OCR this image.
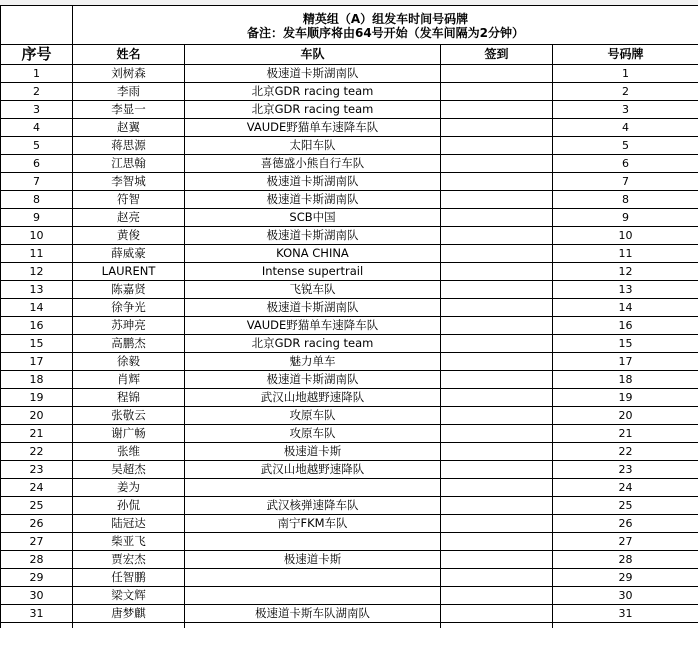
	精英组（A）组发车时间号码牌
备注：发车顺序将由64号开始（发车间隔为2分钟）			

序号	姓名	车队	签到	号码牌
1	刘树森	极速道卡斯湖南队		1
2	李雨	北京GDR racing team		2
3	李显一	北京GDR racing team		3
4	赵翼	VAUDE野猫单车速降车队		4
5	蒋思源	太阳车队		5
6	江思翰	喜德盛小熊自行车队		6
7	李智城	极速道卡斯湖南队		7
8	符智	极速道卡斯湖南队		8
9	赵亮	SCB中国		9
10	黄俊	极速道卡斯湖南队		10
11	薛威豪	KONA CHINA		11
12	LAURENT	Intense supertrail		12
13	陈嘉贤	飞锐车队		13
14	徐争光	极速道卡斯湖南队		14
16	苏珅亮	VAUDE野猫单车速降车队		16
15	高鹏杰	北京GDR racing team		15
17	徐毅	魅力单车		17
18	肖辉	极速道卡斯湖南队		18
19	程锦	武汉山地越野速降队		19
20	张敬云	攻原车队		20
21	谢广畅	攻原车队		21
22	张维	极速道卡斯		22
23	吴超杰	武汉山地越野速降队		23
24	姜为			24
25	孙侃	武汉核弹速降车队		25
26	陆冠达	南宁FKM车队		26
27	柴亚飞			27
28	贾宏杰	极速道卡斯		28
29	任智鹏			29
30	梁文辉			30
31	唐梦麒	极速道卡斯车队湖南队		31
